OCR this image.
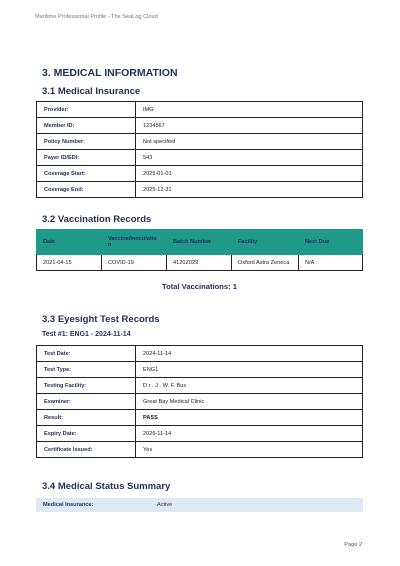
Maritime Professional Profile - The SeaLog Cloud
3. MEDICAL INFORMATION
3.1 Medical Insurance
Provider:	IMG
Member ID:	1234567
Policy Number:	Not specified
Payer ID/EDI:	543
Coverage Start:	2025-01-01
Coverage End:	2025-12-31
3.2 Vaccination Records
Date	Vaccine/Inoculatio n	Batch Number	Facility	Next Due
2021-04-15	COVID-19	4120Z029	Oxford Astra Zeneca	N/A
Total Vaccinations: 1
3.3 Eyesight Test Records
Test #1: ENG1 - 2024-11-14
Test Date:	2024-11-14
Test Type:	ENG1
Testing Facility:	D r . J . W. F. Bus
Examiner:	Great Bay Medical Clinic
Result:	PASS
Expiry Date:	2026-11-14
Certificate Issued:	Yes
3.4 Medical Status Summary
Medical Insurance:	Active
Page 2
